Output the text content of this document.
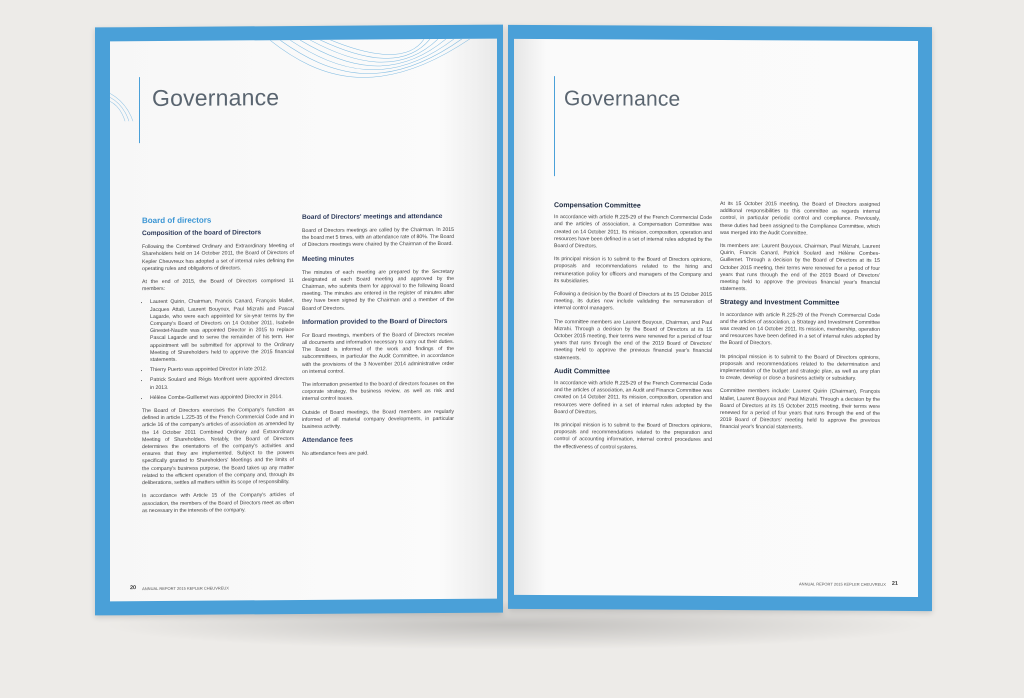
Governance
Board of directors
Composition of the board of Directors

Following the Combined Ordinary and Extraordinary Meeting of Shareholders held on 14 October 2011, the Board of Directors of Kepler Cheuvreux has adopted a set of internal rules defining the operating rules and obligations of directors.

At the end of 2015, the Board of Directors comprised 11 members:

• Laurent Quirin, Chairman, Francis Canard, François Mallet, Jacques Attali, Laurent Bouyoux, Paul Mizrahi and Pascal Lagarde, who were each appointed for six-year terms by the Company's Board of Directors on 14 October 2011, Isabelle Ginestet-Naudin was appointed Director in 2015 to replace Pascal Lagarde and to serve the remainder of his term. Her appointment will be submitted for approval to the Ordinary Meeting of Shareholders held to approve the 2015 financial statements.
• Thierry Puerto was appointed Director in late 2012.
• Patrick Soulard and Régis Monfront were appointed directors in 2013.
• Hélène Combe-Guillemet was appointed Director in 2014.

The Board of Directors exercises the Company's function as defined in article L.225-35 of the French Commercial Code and in article 16 of the company's articles of association as amended by the 14 October 2011 Combined Ordinary and Extraordinary Meeting of Shareholders. Notably, the Board of Directors determines the orientations of the company's activities and ensures that they are implemented. Subject to the powers specifically granted to Shareholders' Meetings and the limits of the company's business purpose, the Board takes up any matter related to the efficient operation of the company and, through its deliberations, settles all matters within its scope of responsibility.

In accordance with Article 15 of the Company's articles of association, the members of the Board of Directors meet as often as necessary in the interests of the company.

Board of Directors' meetings and attendance

Board of Directors meetings are called by the Chairman. In 2015 the board met 5 times, with an attendance rate of 80%. The Board of Directors meetings were chaired by the Chairman of the Board.

Meeting minutes

The minutes of each meeting are prepared by the Secretary designated at each Board meeting and approved by the Chairman, who submits them for approval to the following Board meeting. The minutes are entered in the register of minutes after they have been signed by the Chairman and a member of the Board of Directors.

Information provided to the Board of Directors

For Board meetings, members of the Board of Directors receive all documents and information necessary to carry out their duties. The Board is informed of the work and findings of the subcommittees, in particular the Audit Committee, in accordance with the provisions of the 3 November 2014 administrative order on internal control.

The information presented to the board of directors focuses on the corporate strategy, the business review, as well as risk and internal control issues.

Outside of Board meetings, the Board members are regularly informed of all material company developments, in particular business activity.

Attendance fees

No attendance fees are paid.

20 ANNUAL REPORT 2015 KEPLER CHEUVREUX
Governance
Compensation Committee

In accordance with article R.225-29 of the French Commercial Code and the articles of association, a Compensation Committee was created on 14 October 2011. Its mission, composition, operation and resources have been defined in a set of internal rules adopted by the Board of Directors.

Its principal mission is to submit to the Board of Directors opinions, proposals and recommendations related to the hiring and remuneration policy for officers and managers of the Company and its subsidiaries.

Following a decision by the Board of Directors at its 15 October 2015 meeting, its duties now include validating the remuneration of internal control managers.

The committee members are Laurent Bouyoux, Chairman, and Paul Mizrahi. Through a decision by the Board of Directors at its 15 October 2015 meeting, their terms were renewed for a period of four years that runs through the end of the 2019 Board of Directors' meeting held to approve the previous financial year's financial statements.

Audit Committee

In accordance with article R.225-29 of the French Commercial Code and the articles of association, an Audit and Finance Committee was created on 14 October 2011. Its mission, composition, operation and resources were defined in a set of internal rules adopted by the Board of Directors.

Its principal mission is to submit to the Board of Directors opinions, proposals and recommendations related to the preparation and control of accounting information, internal control procedures and the effectiveness of control systems.

At its 15 October 2015 meeting, the Board of Directors assigned additional responsibilities to this committee as regards internal control, in particular periodic control and compliance. Previously, these duties had been assigned to the Compliance Committee, which was merged into the Audit Committee.

Its members are: Laurent Bouyoux, Chairman, Paul Mizrahi, Laurent Quirin, Francis Canard, Patrick Soulard and Hélène Combes-Guillemet. Through a decision by the Board of Directors at its 15 October 2015 meeting, their terms were renewed for a period of four years that runs through the end of the 2019 Board of Directors' meeting held to approve the previous financial year's financial statements.

Strategy and Investment Committee

In accordance with article R.225-29 of the French Commercial Code and the articles of association, a Strategy and Investment Committee was created on 14 October 2011. Its mission, membership, operation and resources have been defined in a set of internal rules adopted by the Board of Directors.

Its principal mission is to submit to the Board of Directors opinions, proposals and recommendations related to the determination and implementation of the budget and strategic plan, as well as any plan to create, develop or close a business activity or subsidiary.

Committee members include: Laurent Quirin (Chairman), François Mallet, Laurent Bouyoux and Paul Mizrahi. Through a decision by the Board of Directors at its 15 October 2015 meeting, their terms were renewed for a period of four years that runs through the end of the 2019 Board of Directors' meeting held to approve the previous financial year's financial statements.

ANNUAL REPORT 2015 KEPLER CHEUVREUX 21
